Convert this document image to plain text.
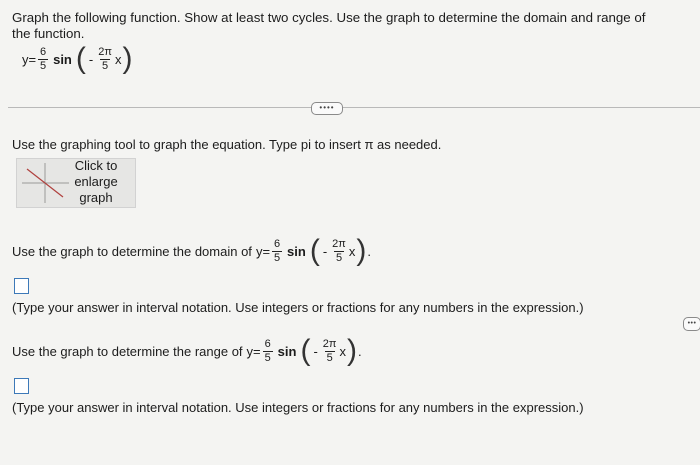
Graph the following function. Show at least two cycles. Use the graph to determine the domain and range of the function.
$y = \frac{6}{5}$ sin ( - $\frac{2\pi}{5}$ x )
••••
Use the graphing tool to graph the equation. Type pi to insert π as needed.
Click to enlarge graph
Use the graph to determine the domain of $y = \frac{6}{5}$ sin ( - $\frac{2\pi}{5}$ x ) .
(Type your answer in interval notation. Use integers or fractions for any numbers in the expression.)
Use the graph to determine the range of $y = \frac{6}{5}$ sin ( - $\frac{2\pi}{5}$ x ) .
•••
(Type your answer in interval notation. Use integers or fractions for any numbers in the expression.)
